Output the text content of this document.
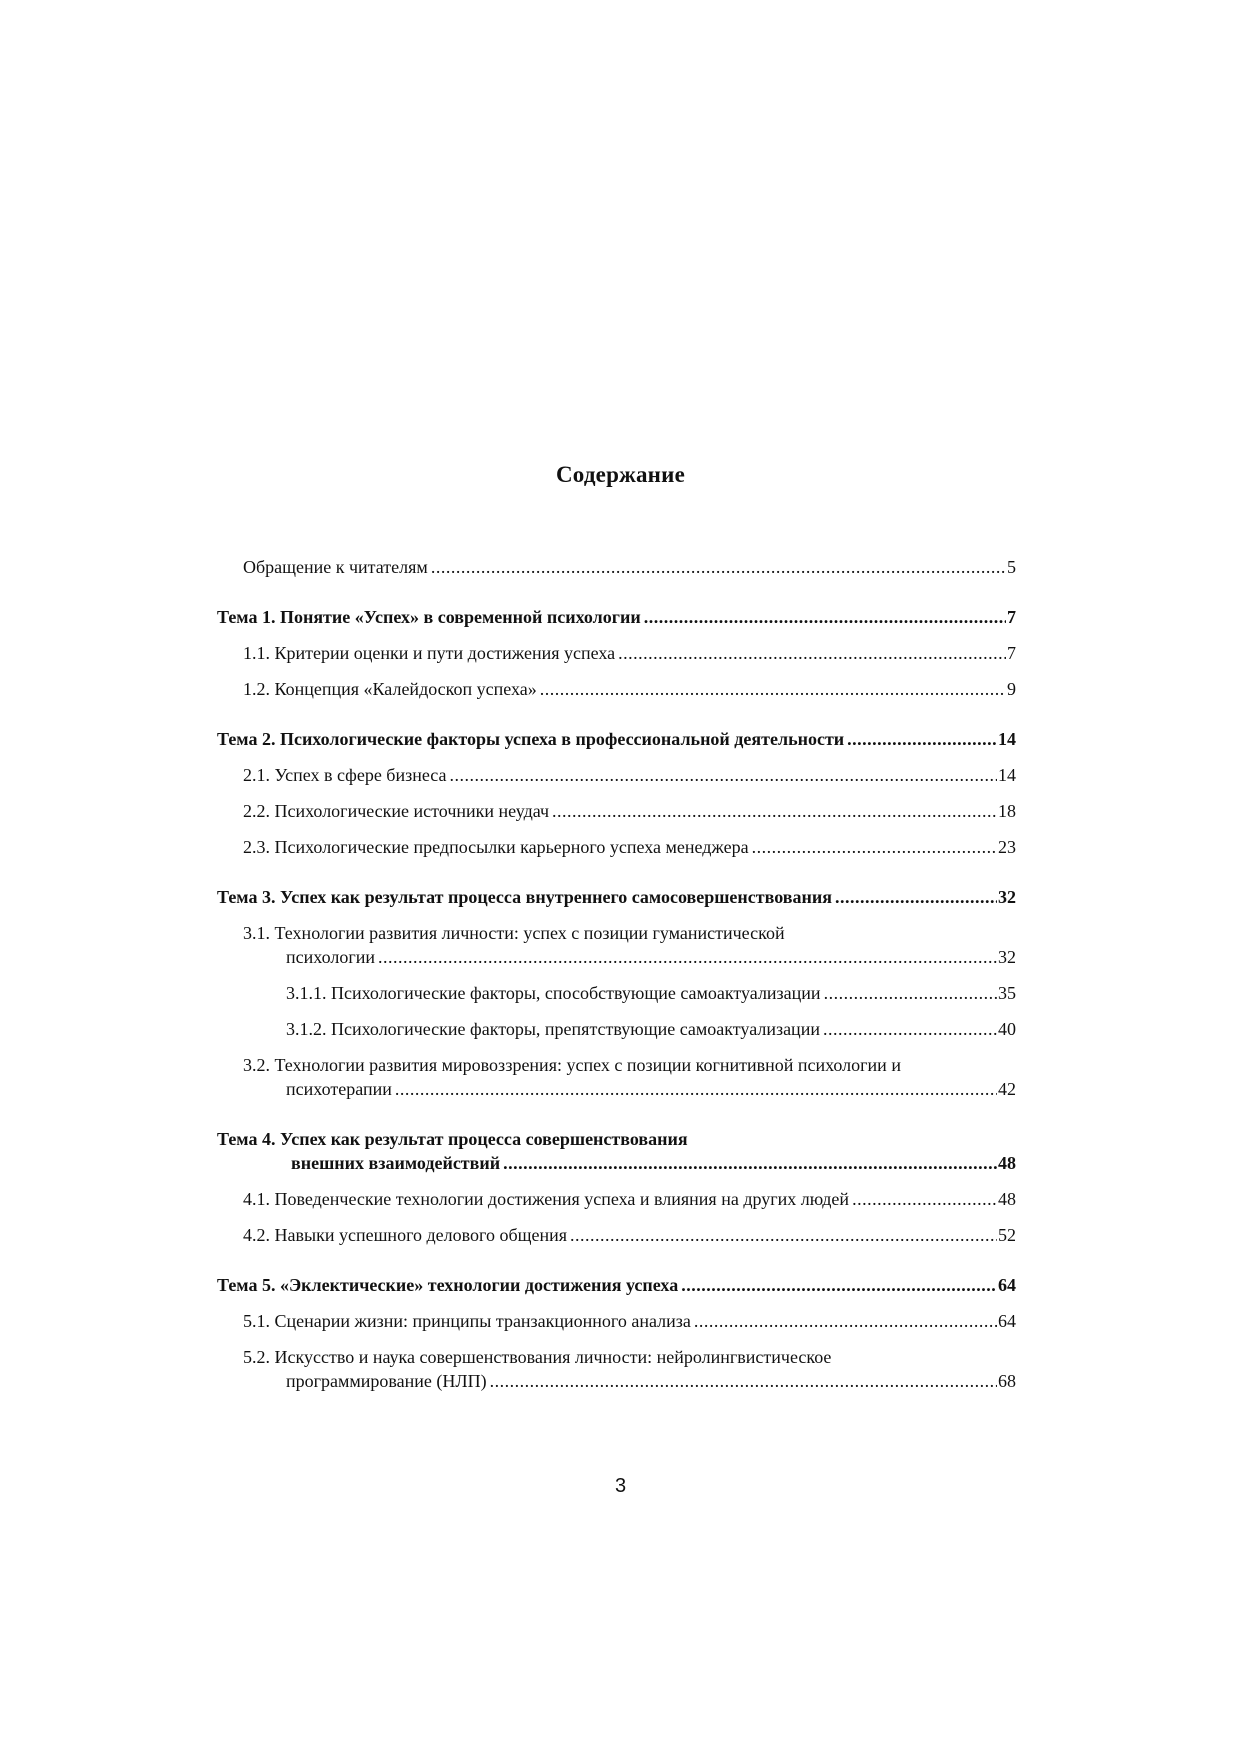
Содержание
Обращение к читателям .....	5
Тема 1. Понятие «Успех» в современной психологии .....	7
1.1. Критерии оценки и пути достижения успеха .....	7
1.2. Концепция «Калейдоскоп успеха» .....	9
Тема 2. Психологические факторы успеха в профессиональной деятельности .....	14
2.1. Успех в сфере бизнеса .....	14
2.2. Психологические источники неудач .....	18
2.3. Психологические предпосылки карьерного успеха менеджера .....	23
Тема 3. Успех как результат процесса внутреннего самосовершенствования .....	32
3.1. Технологии развития личности: успех с позиции гуманистической
психологии .....	32
3.1.1. Психологические факторы, способствующие самоактуализации .....	35
3.1.2. Психологические факторы, препятствующие самоактуализации .....	40
3.2. Технологии развития мировоззрения: успех с позиции когнитивной психологии и
психотерапии .....	42
Тема 4. Успех как результат процесса совершенствования
внешних взаимодействий .....	48
4.1. Поведенческие технологии достижения успеха и влияния на других людей .....	48
4.2. Навыки успешного делового общения .....	52
Тема 5. «Эклектические» технологии достижения успеха .....	64
5.1. Сценарии жизни: принципы транзакционного анализа .....	64
5.2. Искусство и наука совершенствования личности: нейролингвистическое
программирование (НЛП) .....	68
3
